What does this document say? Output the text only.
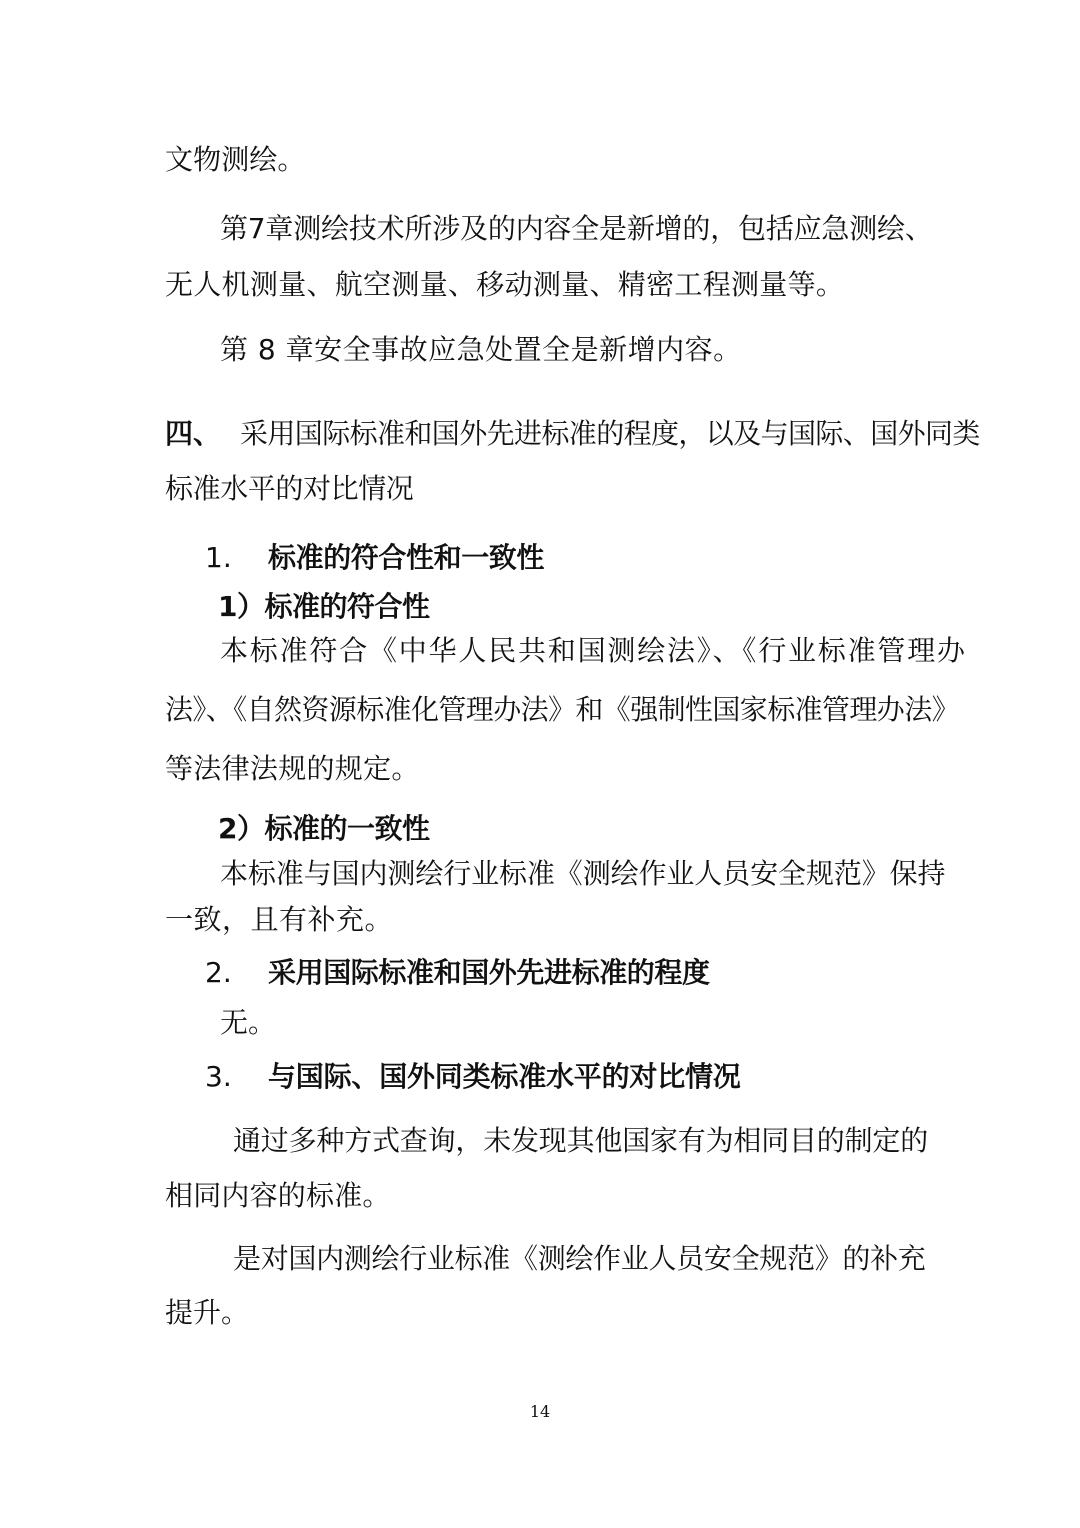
文物测绘。
第7章测绘技术所涉及的内容全是新增的，包括应急测绘、
无人机测量、航空测量、移动测量、精密工程测量等。
第 8 章安全事故应急处置全是新增内容。
四、 采用国际标准和国外先进标准的程度，以及与国际、国外同类
标准水平的对比情况
1. 标准的符合性和一致性
1）标准的符合性
本标准符合《中华人民共和国测绘法》、《行业标准管理办
法》、《自然资源标准化管理办法》和《强制性国家标准管理办法》
等法律法规的规定。
2）标准的一致性
本标准与国内测绘行业标准《测绘作业人员安全规范》保持
一致，且有补充。
2. 采用国际标准和国外先进标准的程度
无。
3. 与国际、国外同类标准水平的对比情况
通过多种方式查询，未发现其他国家有为相同目的制定的
相同内容的标准。
是对国内测绘行业标准《测绘作业人员安全规范》的补充
提升。
14
